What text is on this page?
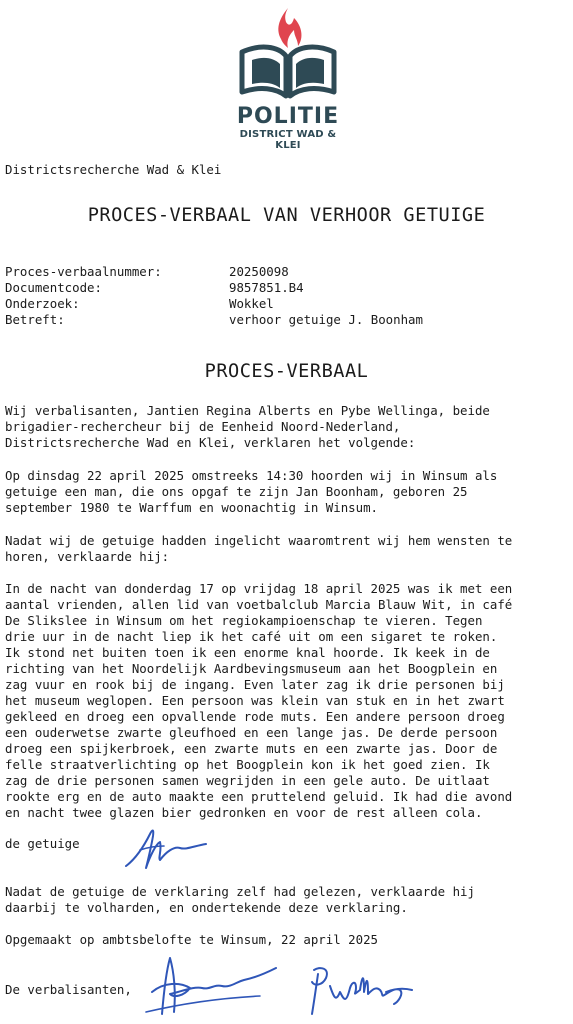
POLITIE
DISTRICT WAD & KLEI
Districtsrecherche Wad & Klei
PROCES-VERBAAL VAN VERHOOR GETUIGE
Proces-verbaalnummer:	20250098
Documentcode:	9857851.B4
Onderzoek:	Wokkel
Betreft:	verhoor getuige J. Boonham
PROCES-VERBAAL
Wij verbalisanten, Jantien Regina Alberts en Pybe Wellinga, beide
brigadier-rechercheur bij de Eenheid Noord-Nederland,
Districtsrecherche Wad en Klei, verklaren het volgende:
Op dinsdag 22 april 2025 omstreeks 14:30 hoorden wij in Winsum als
getuige een man, die ons opgaf te zijn Jan Boonham, geboren 25
september 1980 te Warffum en woonachtig in Winsum.
Nadat wij de getuige hadden ingelicht waaromtrent wij hem wensten te
horen, verklaarde hij:
In de nacht van donderdag 17 op vrijdag 18 april 2025 was ik met een
aantal vrienden, allen lid van voetbalclub Marcia Blauw Wit, in café
De Slikslee in Winsum om het regiokampioenschap te vieren. Tegen
drie uur in de nacht liep ik het café uit om een sigaret te roken.
Ik stond net buiten toen ik een enorme knal hoorde. Ik keek in de
richting van het Noordelijk Aardbevingsmuseum aan het Boogplein en
zag vuur en rook bij de ingang. Even later zag ik drie personen bij
het museum weglopen. Een persoon was klein van stuk en in het zwart
gekleed en droeg een opvallende rode muts. Een andere persoon droeg
een ouderwetse zwarte gleufhoed en een lange jas. De derde persoon
droeg een spijkerbroek, een zwarte muts en een zwarte jas. Door de
felle straatverlichting op het Boogplein kon ik het goed zien. Ik
zag de drie personen samen wegrijden in een gele auto. De uitlaat
rookte erg en de auto maakte een pruttelend geluid. Ik had die avond
en nacht twee glazen bier gedronken en voor de rest alleen cola.
de getuige
Nadat de getuige de verklaring zelf had gelezen, verklaarde hij
daarbij te volharden, en ondertekende deze verklaring.
Opgemaakt op ambtsbelofte te Winsum, 22 april 2025
De verbalisanten,
